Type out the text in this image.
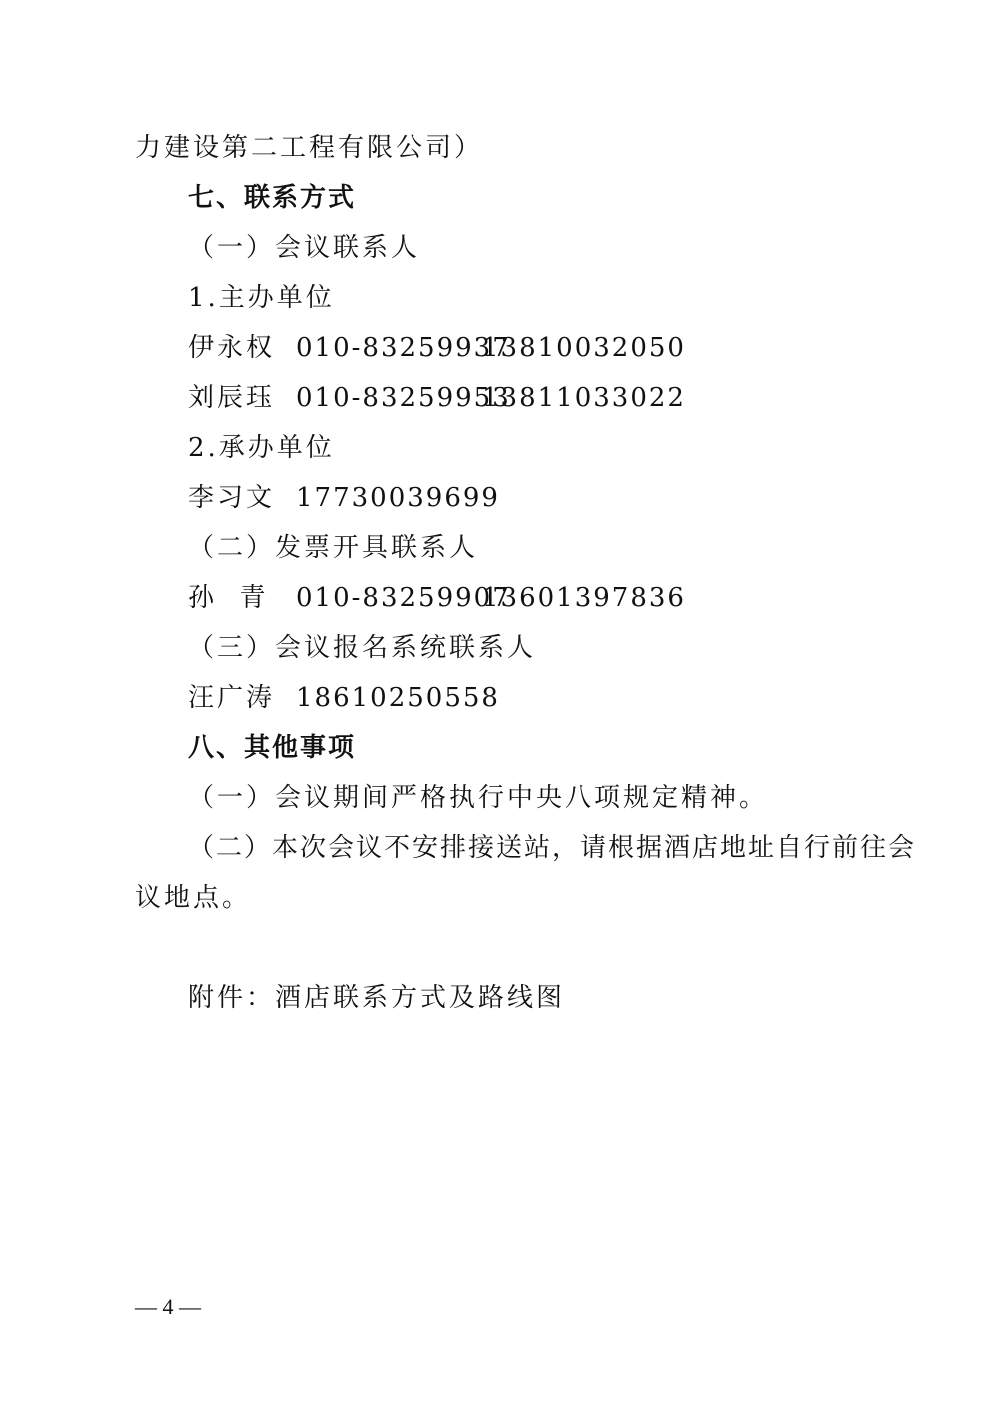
力建设第二工程有限公司）
七、联系方式
（一）会议联系人
1.主办单位
伊永权 010-8325993713810032050
刘辰珏 010-8325995313811033022
2.承办单位
李习文 17730039699
（二）发票开具联系人
孙  青 010-8325990713601397836
（三）会议报名系统联系人
汪广涛 18610250558
八、其他事项
（一）会议期间严格执行中央八项规定精神。
（二）本次会议不安排接送站，请根据酒店地址自行前往会
议地点。
附件：酒店联系方式及路线图
— 4 —
